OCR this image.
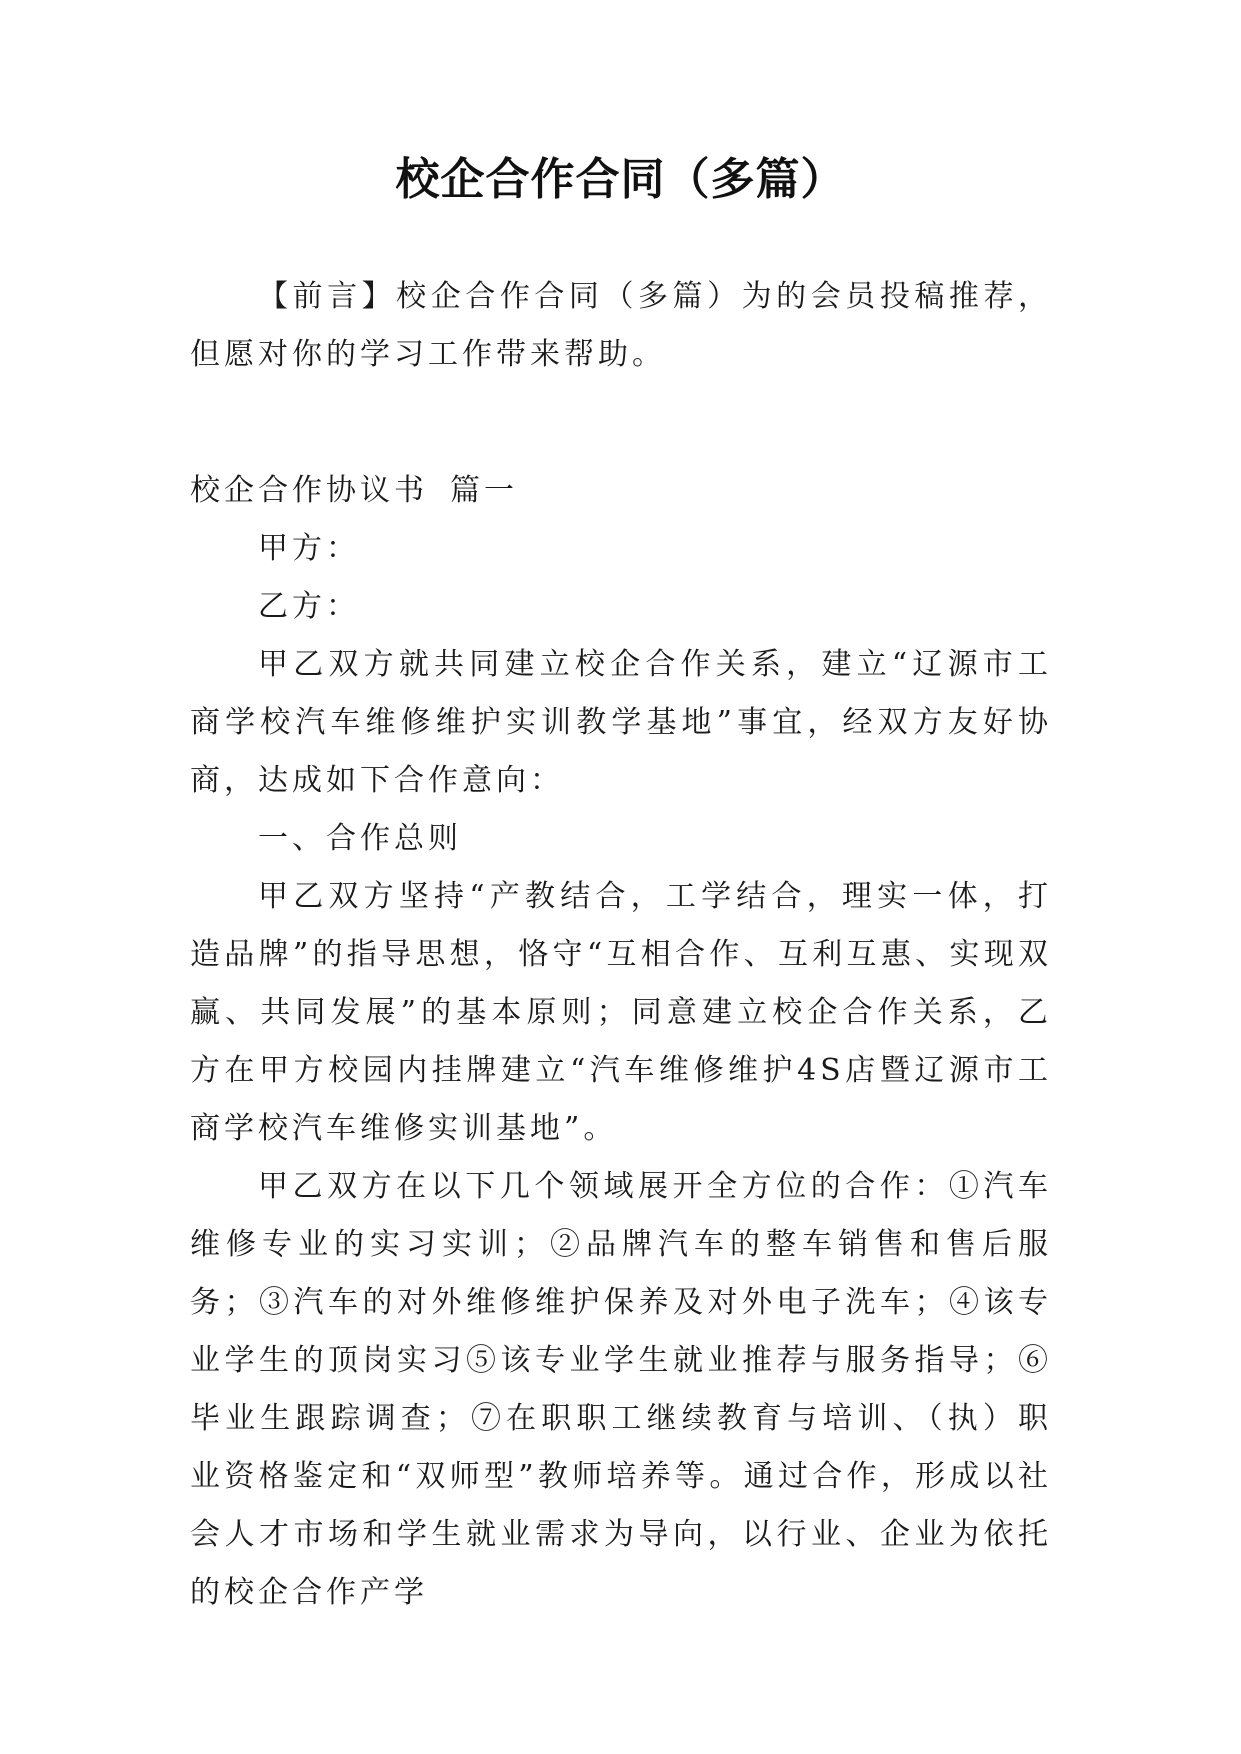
校企合作合同（多篇）

【前言】校企合作合同（多篇）为的会员投稿推荐，但愿对你的学习工作带来帮助。

校企合作协议书 篇一

甲方：

乙方：

甲乙双方就共同建立校企合作关系，建立“辽源市工商学校汽车维修维护实训教学基地”事宜，经双方友好协商，达成如下合作意向：

一、合作总则

甲乙双方坚持“产教结合，工学结合，理实一体，打造品牌”的指导思想，恪守“互相合作、互利互惠、实现双赢、共同发展”的基本原则；同意建立校企合作关系，乙方在甲方校园内挂牌建立“汽车维修维护4S店暨辽源市工商学校汽车维修实训基地”。

甲乙双方在以下几个领域展开全方位的合作：①汽车维修专业的实习实训；②品牌汽车的整车销售和售后服务；③汽车的对外维修维护保养及对外电子洗车；④该专业学生的顶岗实习⑤该专业学生就业推荐与服务指导；⑥毕业生跟踪调查；⑦在职职工继续教育与培训、（执）职业资格鉴定和“双师型”教师培养等。通过合作，形成以社会人才市场和学生就业需求为导向，以行业、企业为依托的校企合作产学
